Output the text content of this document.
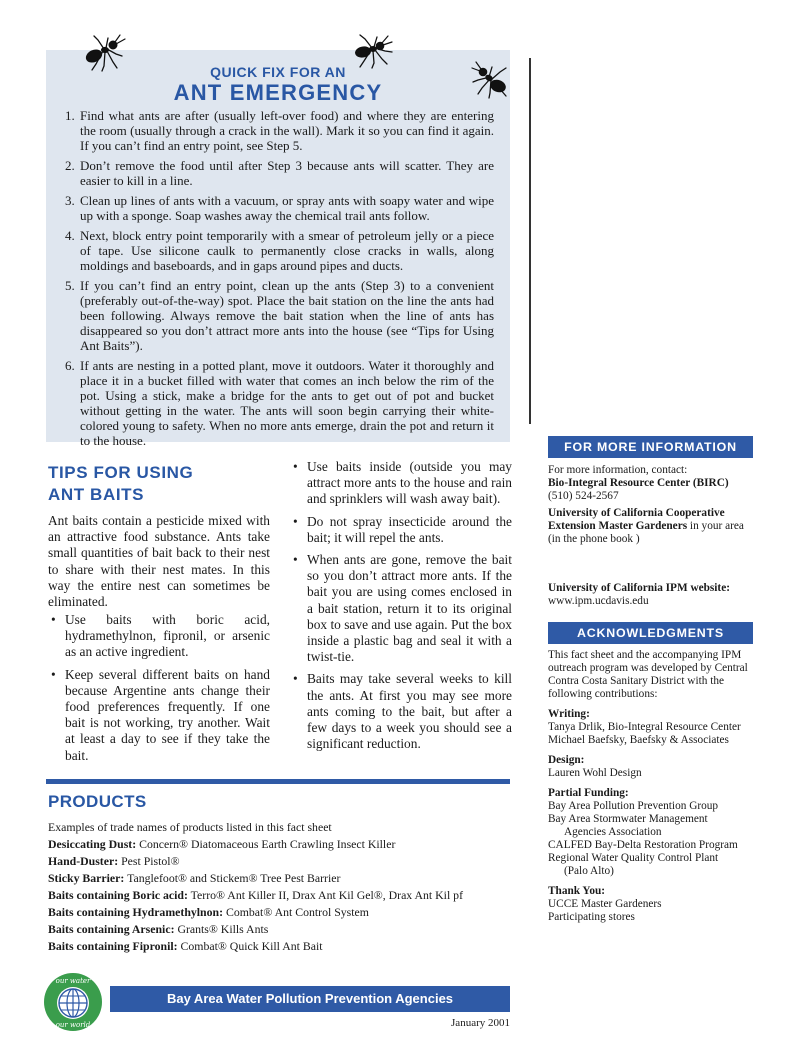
QUICK FIX FOR AN
ANT EMERGENCY
1. Find what ants are after (usually left-over food) and where they are entering the room (usually through a crack in the wall). Mark it so you can find it again. If you can’t find an entry point, see Step 5.
2. Don’t remove the food until after Step 3 because ants will scatter. They are easier to kill in a line.
3. Clean up lines of ants with a vacuum, or spray ants with soapy water and wipe up with a sponge. Soap washes away the chemical trail ants follow.
4. Next, block entry point temporarily with a smear of petroleum jelly or a piece of tape. Use silicone caulk to permanently close cracks in walls, along moldings and baseboards, and in gaps around pipes and ducts.
5. If you can’t find an entry point, clean up the ants (Step 3) to a convenient (preferably out-of-the-way) spot. Place the bait station on the line the ants had been following. Always remove the bait station when the line of ants has disappeared so you don’t attract more ants into the house (see “Tips for Using Ant Baits”).
6. If ants are nesting in a potted plant, move it outdoors. Water it thoroughly and place it in a bucket filled with water that comes an inch below the rim of the pot. Using a stick, make a bridge for the ants to get out of pot and bucket without getting in the water. The ants will soon begin carrying their white-colored young to safety. When no more ants emerge, drain the pot and return it to the house.
TIPS FOR USING
ANT BAITS

Ant baits contain a pesticide mixed with an attractive food substance. Ants take small quantities of bait back to their nest to share with their nest mates. In this way the entire nest can sometimes be eliminated.

• Use baits with boric acid, hydramethylnon, fipronil, or arsenic as an active ingredient.
• Keep several different baits on hand because Argentine ants change their food preferences frequently. If one bait is not working, try another. Wait at least a day to see if they take the bait.
• Use baits inside (outside you may attract more ants to the house and rain and sprinklers will wash away bait).
• Do not spray insecticide around the bait; it will repel the ants.
• When ants are gone, remove the bait so you don’t attract more ants. If the bait you are using comes enclosed in a bait station, return it to its original box to save and use again. Put the box inside a plastic bag and seal it with a twist-tie.
• Baits may take several weeks to kill the ants. At first you may see more ants coming to the bait, but after a few days to a week you should see a significant reduction.
PRODUCTS
Examples of trade names of products listed in this fact sheet
Desiccating Dust: Concern® Diatomaceous Earth Crawling Insect Killer
Hand-Duster: Pest Pistol®
Sticky Barrier: Tanglefoot® and Stickem® Tree Pest Barrier
Baits containing Boric acid: Terro® Ant Killer II, Drax Ant Kil Gel®, Drax Ant Kil pf
Baits containing Hydramethylnon: Combat® Ant Control System
Baits containing Arsenic: Grants® Kills Ants
Baits containing Fipronil: Combat® Quick Kill Ant Bait
our water
our world
Bay Area Water Pollution Prevention Agencies
January 2001
FOR MORE INFORMATION

For more information, contact:

Bio-Integral Resource Center (BIRC)

(510) 524-2567

University of California Cooperative

Extension Master Gardeners in your area

(in the phone book )

University of California IPM website:

www.ipm.ucdavis.edu

ACKNOWLEDGMENTS

This fact sheet and the accompanying IPM outreach program was developed by Central Contra Costa Sanitary District with the following contributions:

Writing:

Tanya Drlik, Bio-Integral Resource Center

Michael Baefsky, Baefsky & Associates

Design:

Lauren Wohl Design

Partial Funding:

Bay Area Pollution Prevention Group

Bay Area Stormwater Management

Agencies Association

CALFED Bay-Delta Restoration Program

Regional Water Quality Control Plant

(Palo Alto)

Thank You:

UCCE Master Gardeners

Participating stores
